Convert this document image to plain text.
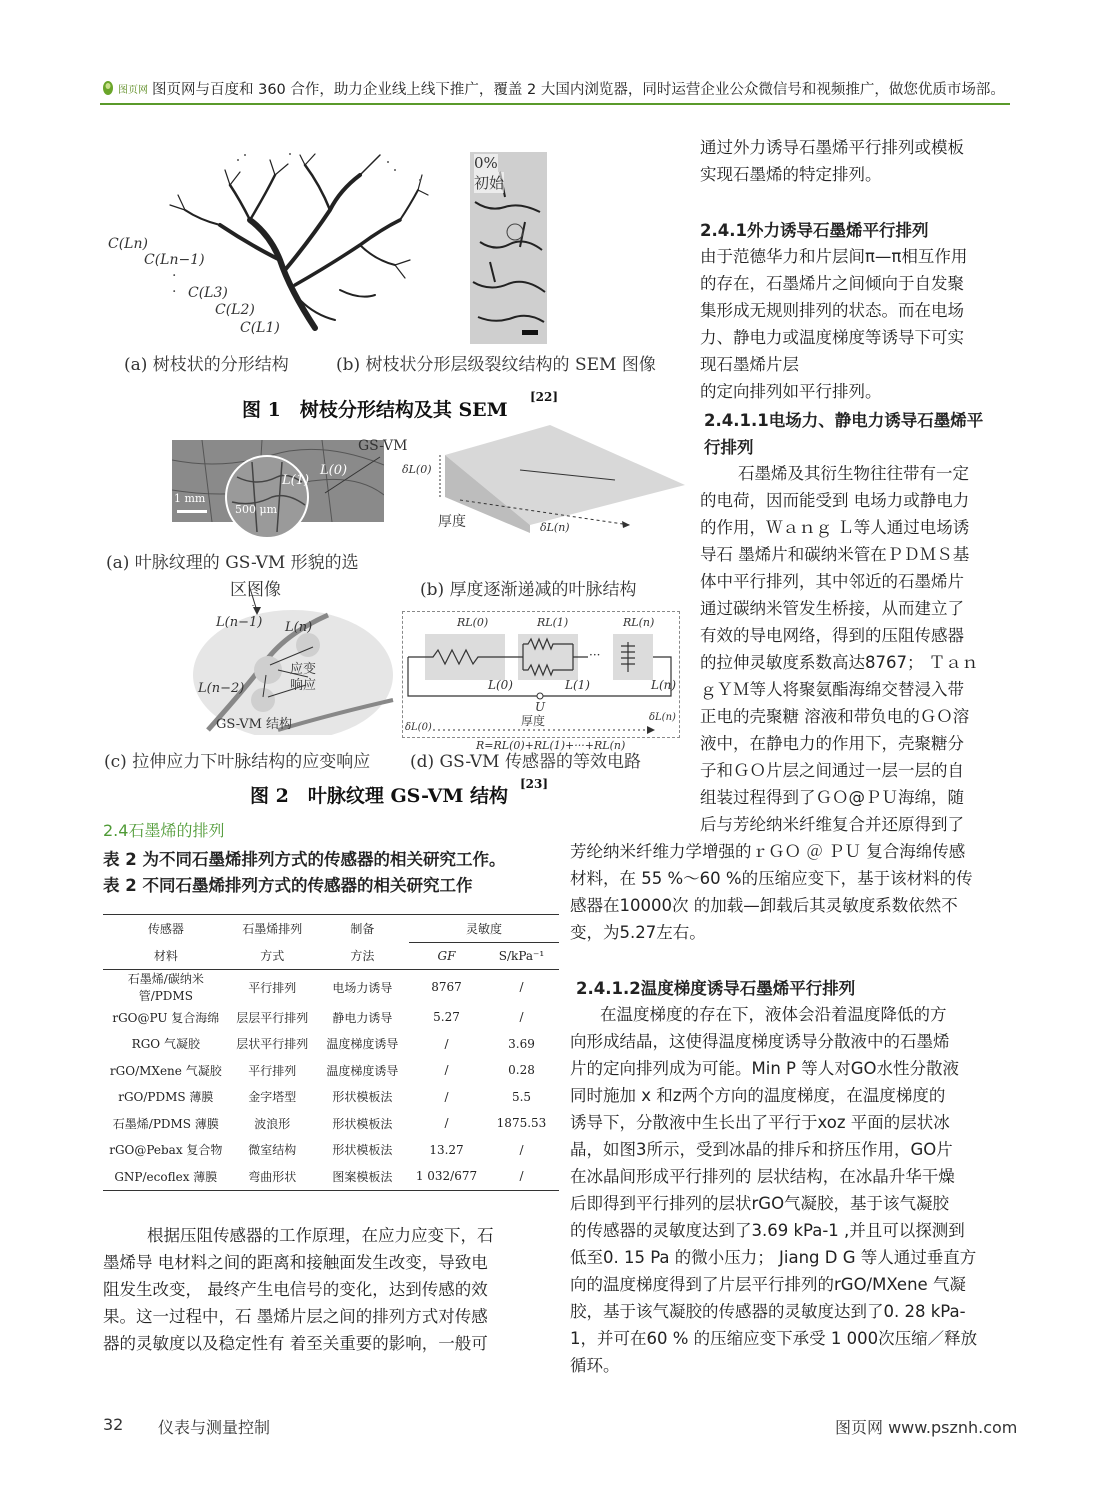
图页网 图页网与百度和 360 合作，助力企业线上线下推广，覆盖 2 大国内浏览器，同时运营企业公众微信号和视频推广，做您优质市场部。
C(Ln)
C(Ln−1)
·
· C(L3)
C(L2)
C(L1)
0%
初始
(a) 树枝状的分形结构	(b) 树枝状分形层级裂纹结构的 SEM 图像
图 1　树枝分形结构及其 SEM
[22]
1 mm
500 μm
GS-VM
L(1)
L(0)	δL(0)
厚度	δL(n)
(a) 叶脉纹理的 GS-VM 形貌的选
区图像	(b) 厚度逐渐递减的叶脉结构
L(n−1) L(n)
L(n−2)
应变
响应
GS-VM 结构
RL(0)	RL(1)	RL(n)
···
L(0)	L(1)	L(n)
U
厚度
δL(0)
δL(n)
R=RL(0)+RL(1)+···+RL(n)
(c) 拉伸应力下叶脉结构的应变响应 (d) GS-VM 传感器的等效电路
图 2　叶脉纹理 GS-VM 结构
[23]
2.4石墨烯的排列
表 2 为不同石墨烯排列方式的传感器的相关研究工作。
表 2 不同石墨烯排列方式的传感器的相关研究工作
传感器	石墨烯排列	制备	灵敏度	
材料	方式	方法	GF	S/kPa⁻¹
石墨烯/碳纳米管/PDMS	平行排列	电场力诱导	8767	/
rGO@PU 复合海绵	层层平行排列	静电力诱导	5.27	/
RGO 气凝胶	层状平行排列	温度梯度诱导	/	3.69
rGO/MXene 气凝胶	平行排列	温度梯度诱导	/	0.28
rGO/PDMS 薄膜	金字塔型	形状模板法	/	5.5
石墨烯/PDMS 薄膜	波浪形	形状模板法	/	1875.53
rGO@Pebax 复合物	微室结构	形状模板法	13.27	/
GNP/ecoflex 薄膜	弯曲形状	图案模板法	1 032/677	/
根据压阻传感器的工作原理，在应力应变下，石
墨烯导 电材料之间的距离和接触面发生改变，导致电
阻发生改变， 最终产生电信号的变化，达到传感的效
果。这一过程中，石 墨烯片层之间的排列方式对传感
器的灵敏度以及稳定性有 着至关重要的影响，一般可
通过外力诱导石墨烯平行排列或模板
实现石墨烯的特定排列。
2.4.1外力诱导石墨烯平行排列
由于范德华力和片层间π—π相互作用
的存在，石墨烯片之间倾向于自发聚
集形成无规则排列的状态。而在电场
力、静电力或温度梯度等诱导下可实
现石墨烯片层
的定向排列如平行排列。
2.4.1.1电场力、静电力诱导石墨烯平
行排列
石墨烯及其衍生物往往带有一定
的电荷，因而能受到 电场力或静电力
的作用，Ｗａｎｇ Ｌ等人通过电场诱
导石 墨烯片和碳纳米管在ＰＤＭＳ基
体中平行排列，其中邻近的石墨烯片
通过碳纳米管发生桥接，从而建立了
有效的导电网络，得到的压阻传感器
的拉伸灵敏度系数高达8767； Ｔａｎ
ｇＹＭ等人将聚氨酯海绵交替浸入带
正电的壳聚糖 溶液和带负电的ＧＯ溶
液中，在静电力的作用下，壳聚糖分
子和ＧＯ片层之间通过一层一层的自
组装过程得到了ＧＯ@ＰＵ海绵，随
后与芳纶纳米纤维复合并还原得到了
芳纶纳米纤维力学增强的ｒＧＯ ＠ ＰＵ 复合海绵传感
材料，在 55 %～60 %的压缩应变下，基于该材料的传
感器在10000次 的加载—卸载后其灵敏度系数依然不
变，为5.27左右。
2.4.1.2温度梯度诱导石墨烯平行排列
在温度梯度的存在下，液体会沿着温度降低的方
向形成结晶，这使得温度梯度诱导分散液中的石墨烯
片的定向排列成为可能。Min P 等人对GO水性分散液
同时施加 x 和z两个方向的温度梯度，在温度梯度的
诱导下，分散液中生长出了平行于xoz 平面的层状冰
晶，如图3所示，受到冰晶的排斥和挤压作用，GO片
在冰晶间形成平行排列的 层状结构，在冰晶升华干燥
后即得到平行排列的层状rGO气凝胶，基于该气凝胶
的传感器的灵敏度达到了3.69 kPa-1 ,并且可以探测到
低至0. 15 Pa 的微小压力； Jiang D G 等人通过垂直方
向的温度梯度得到了片层平行排列的rGO/MXene 气凝
胶，基于该气凝胶的传感器的灵敏度达到了0. 28 kPa-
1，并可在60 % 的压缩应变下承受 1 000次压缩／释放
循环。
32 仪表与测量控制	图页网 www.psznh.com
